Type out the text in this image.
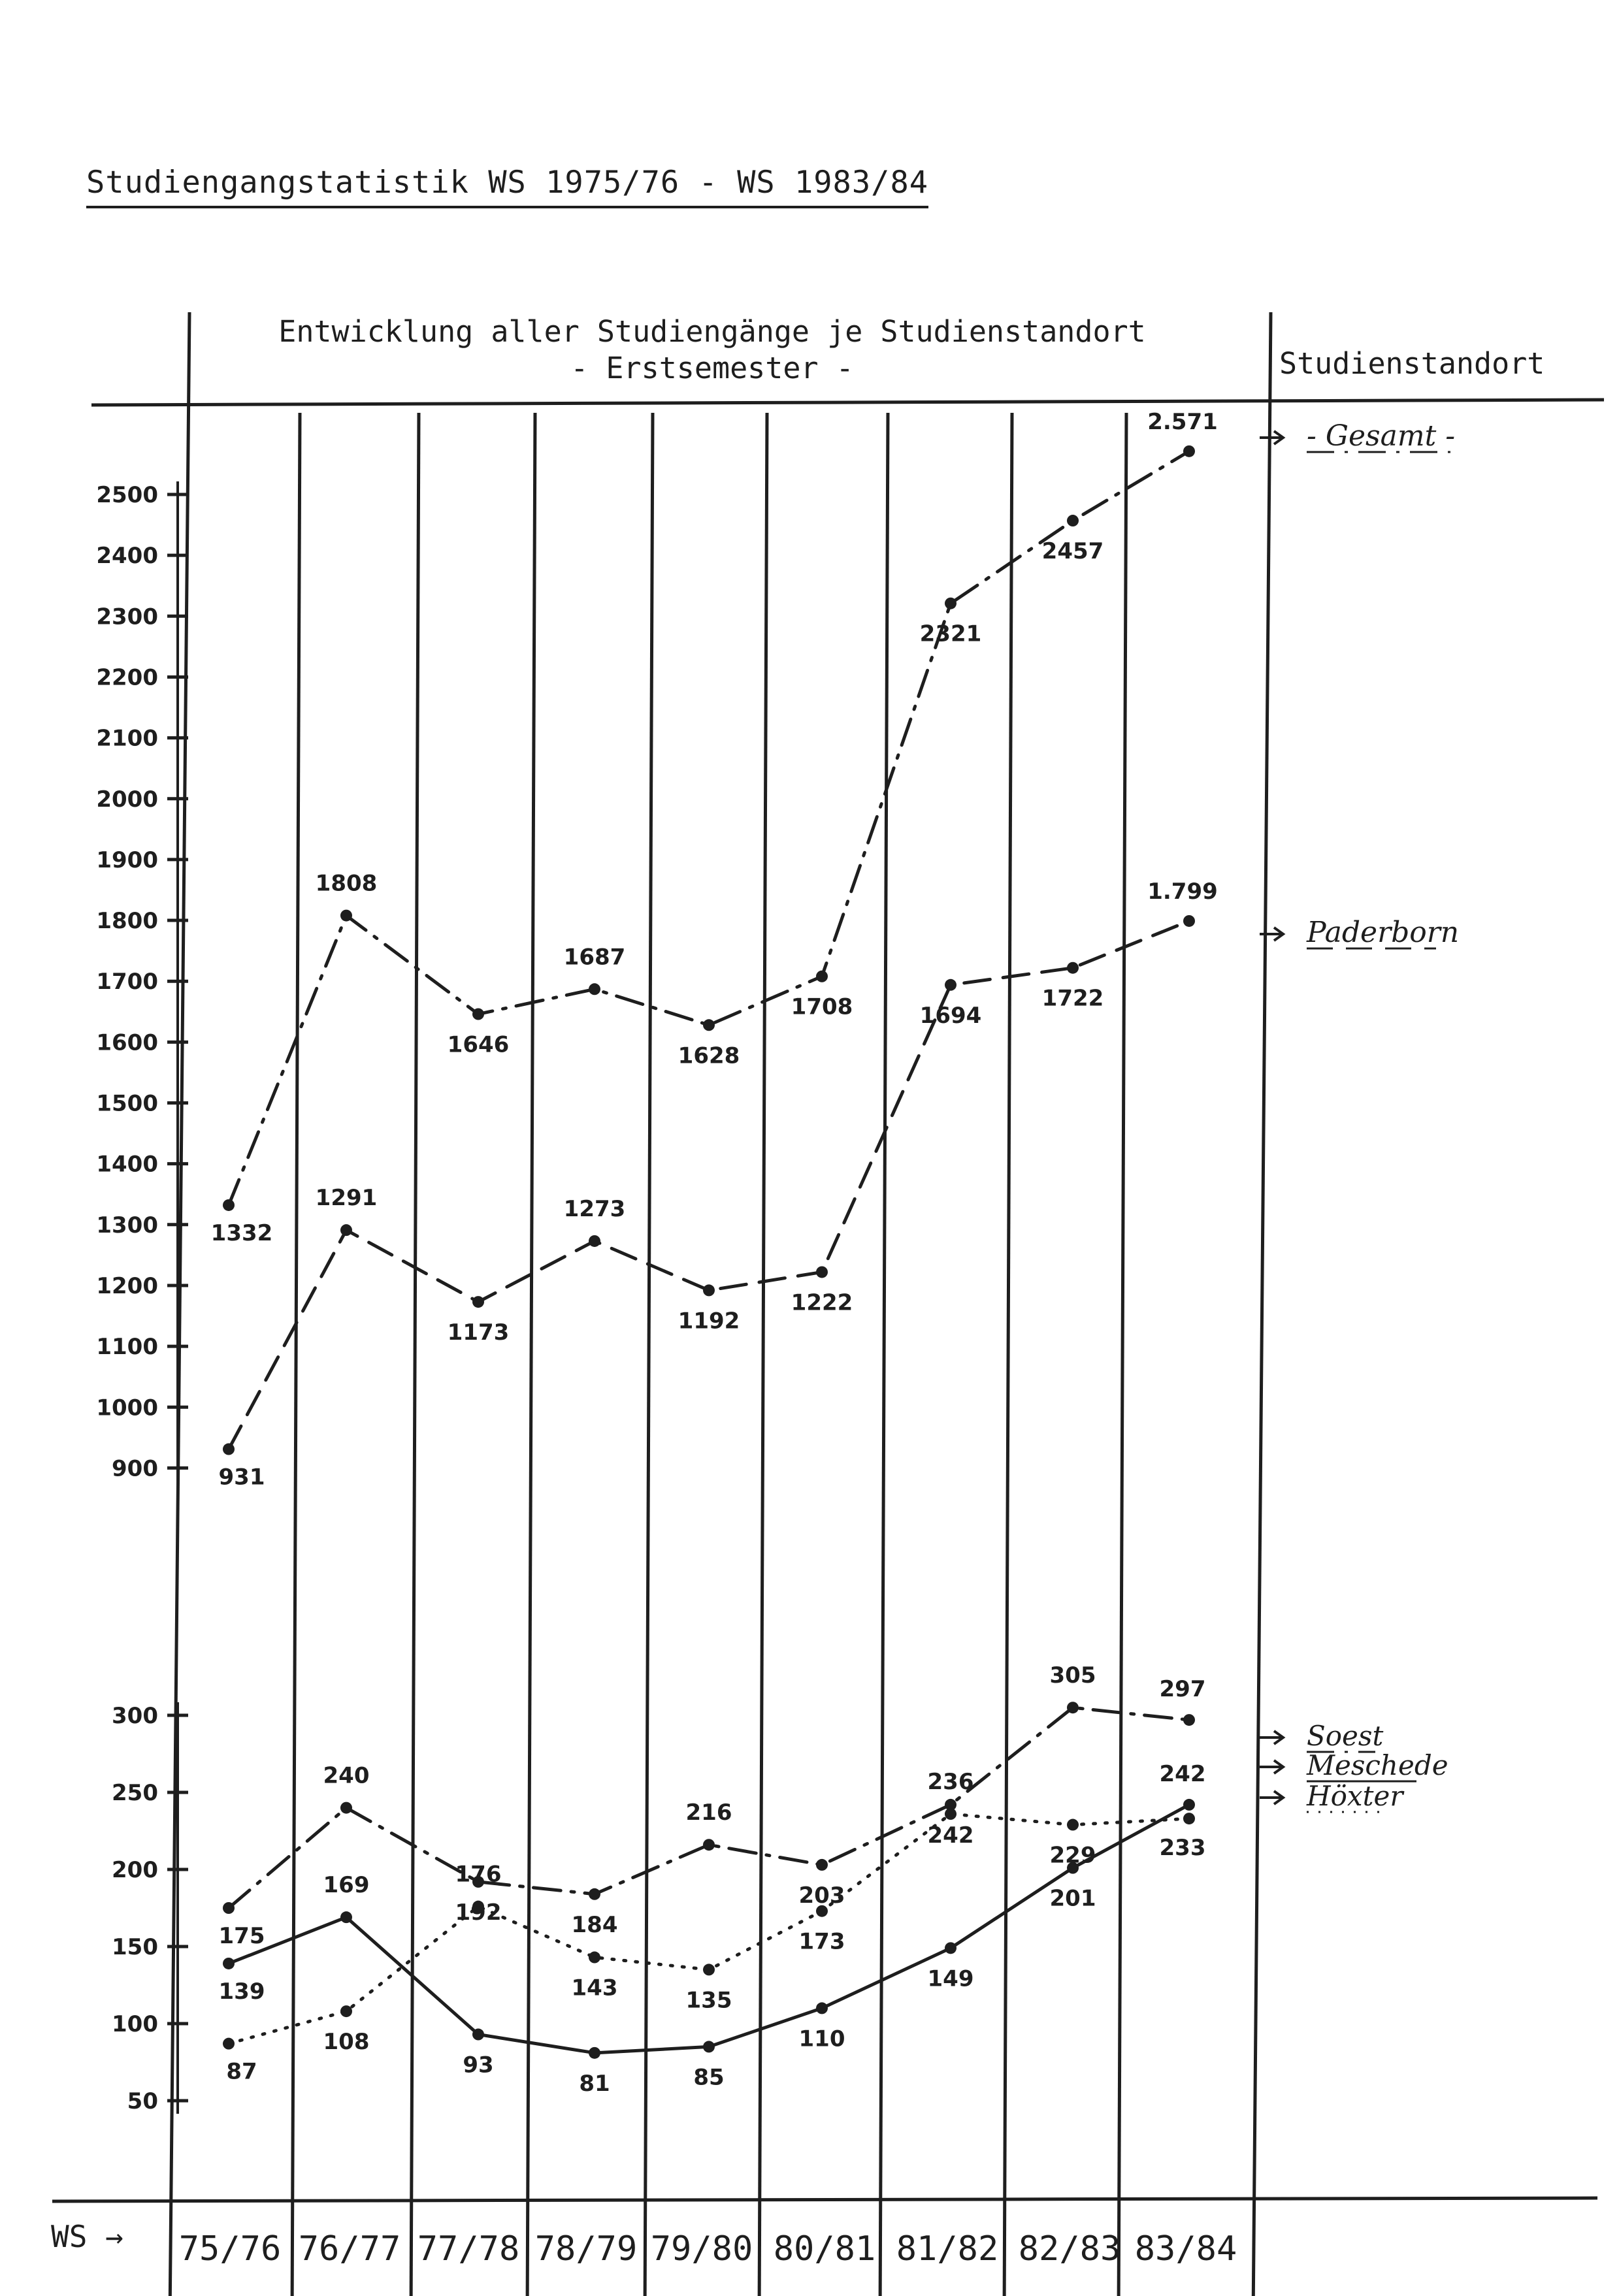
Studiengangstatistik WS 1975/76 - WS 1983/84
Entwicklung aller Studiengänge je Studienstandort
- Erstsemester -	Studienstandort
2500
2400
2300
2200
2100
2000
1900
1800
1700
1600
1500
1400
1300
1200
1100
1000
900
300
250
200
150
100
50
1332
1808
1646
1687
1628
1708
2321
2457
2.571
931
1291
1173
1273
1192
1222
1694
1722
1.799
175
240
192	184
216
203
242
305
297
139
169
93
81	85
110
149
201
242
87
108
176
143	135
173
236
229	233
WS → 75/76 76/77 77/78 78/79 79/80 80/81 81/82 82/83 83/84
- Gesamt -
Paderborn
Soest
Meschede
Höxter
